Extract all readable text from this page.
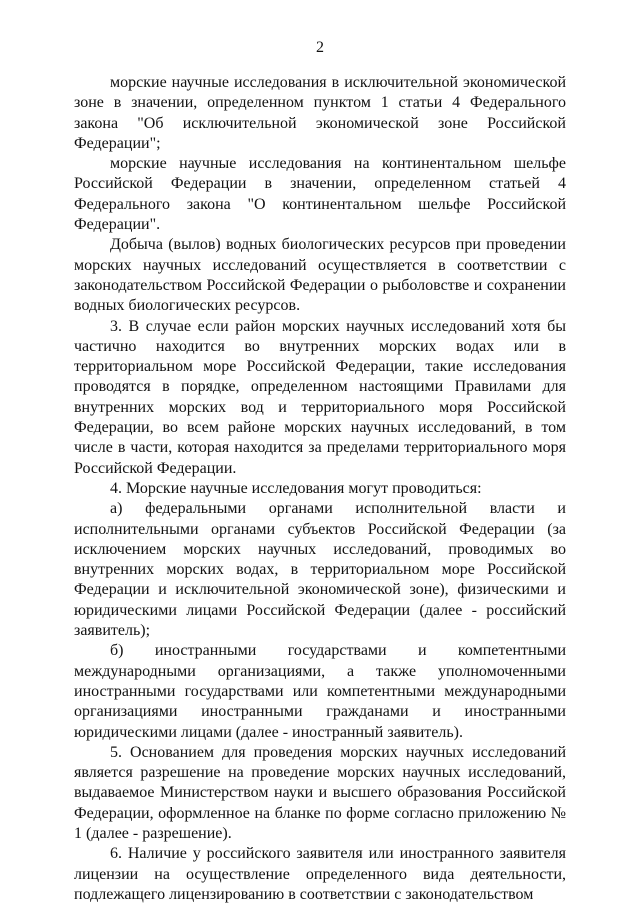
2

морские научные исследования в исключительной экономической зоне в значении, определенном пунктом 1 статьи 4 Федерального закона "Об исключительной экономической зоне Российской Федерации";

морские научные исследования на континентальном шельфе Российской Федерации в значении, определенном статьей 4 Федерального закона "О континентальном шельфе Российской Федерации".

Добыча (вылов) водных биологических ресурсов при проведении морских научных исследований осуществляется в соответствии с законодательством Российской Федерации о рыболовстве и сохранении водных биологических ресурсов.

3. В случае если район морских научных исследований хотя бы частично находится во внутренних морских водах или в территориальном море Российской Федерации, такие исследования проводятся в порядке, определенном настоящими Правилами для внутренних морских вод и территориального моря Российской Федерации, во всем районе морских научных исследований, в том числе в части, которая находится за пределами территориального моря Российской Федерации.

4. Морские научные исследования могут проводиться:

а) федеральными органами исполнительной власти и исполнительными органами субъектов Российской Федерации (за исключением морских научных исследований, проводимых во внутренних морских водах, в территориальном море Российской Федерации и исключительной экономической зоне), физическими и юридическими лицами Российской Федерации (далее - российский заявитель);

б) иностранными государствами и компетентными международными организациями, а также уполномоченными иностранными государствами или компетентными международными организациями иностранными гражданами и иностранными юридическими лицами (далее - иностранный заявитель).

5. Основанием для проведения морских научных исследований является разрешение на проведение морских научных исследований, выдаваемое Министерством науки и высшего образования Российской Федерации, оформленное на бланке по форме согласно приложению № 1 (далее - разрешение).

6. Наличие у российского заявителя или иностранного заявителя лицензии на осуществление определенного вида деятельности, подлежащего лицензированию в соответствии с законодательством
